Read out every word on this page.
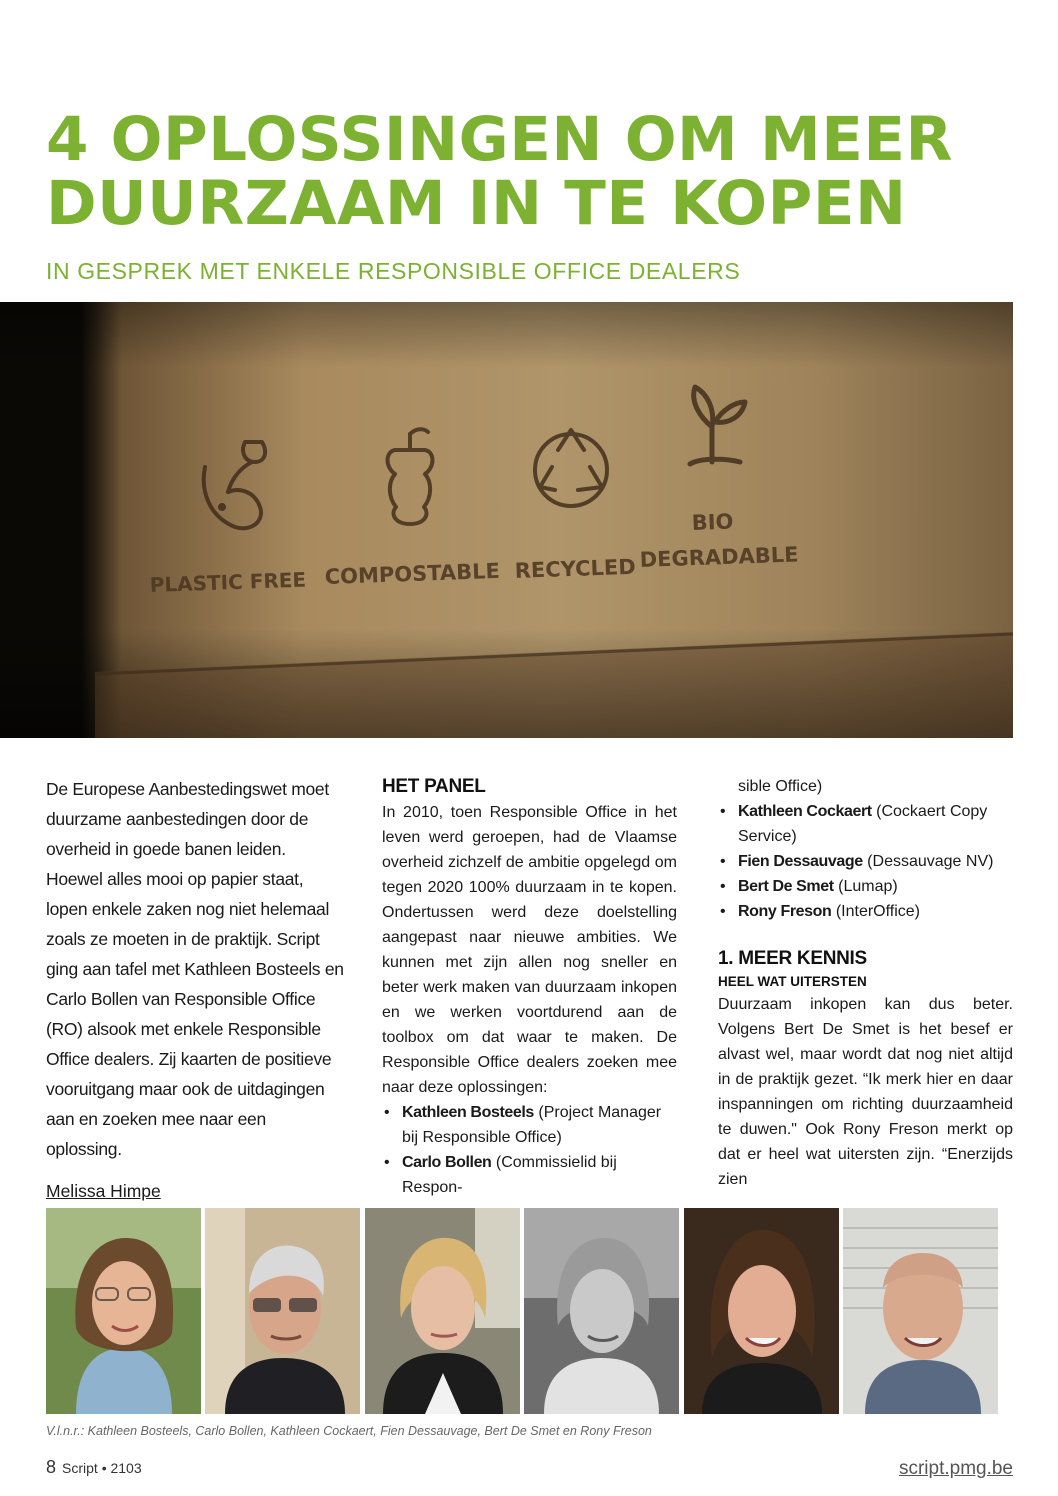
4 OPLOSSINGEN OM MEER
DUURZAAM IN TE KOPEN
IN GESPREK MET ENKELE RESPONSIBLE OFFICE DEALERS
PLASTIC FREE COMPOSTABLE RECYCLED
BIO
DEGRADABLE

De Europese Aanbestedingswet moet duurzame aanbestedingen door de overheid in goede banen leiden. Hoewel alles mooi op papier staat, lopen enkele zaken nog niet helemaal zoals ze moeten in de praktijk. Script ging aan tafel met Kathleen Bosteels en Carlo Bollen van Responsible Office (RO) alsook met enkele Responsible Office dealers. Zij kaarten de positieve vooruitgang maar ook de uitdagingen aan en zoeken mee naar een oplossing.

Melissa Himpe

HET PANEL

In 2010, toen Responsible Office in het leven werd geroepen, had de Vlaamse overheid zichzelf de ambitie opgelegd om tegen 2020 100% duurzaam in te kopen. Ondertussen werd deze doelstelling aangepast naar nieuwe ambities. We kunnen met zijn allen nog sneller en beter werk maken van duurzaam inkopen en we werken voortdurend aan de toolbox om dat waar te maken. De Responsible Office dealers zoeken mee naar deze oplossingen:

• Kathleen Bosteels (Project Manager bij Responsible Office)
• Carlo Bollen (Commissielid bij Respon-
sible Office)
• Kathleen Cockaert (Cockaert Copy Service)
• Fien Dessauvage (Dessauvage NV)
• Bert De Smet (Lumap)
• Rony Freson (InterOffice)
1. MEER KENNIS
HEEL WAT UITERSTEN

Duurzaam inkopen kan dus beter. Volgens Bert De Smet is het besef er alvast wel, maar wordt dat nog niet altijd in de praktijk gezet. “Ik merk hier en daar inspanningen om richting duurzaamheid te duwen." Ook Rony Freson merkt op dat er heel wat uitersten zijn. “Enerzijds zien

V.l.n.r.: Kathleen Bosteels, Carlo Bollen, Kathleen Cockaert, Fien Dessauvage, Bert De Smet en Rony Freson

8 Script • 2103	script.pmg.be
